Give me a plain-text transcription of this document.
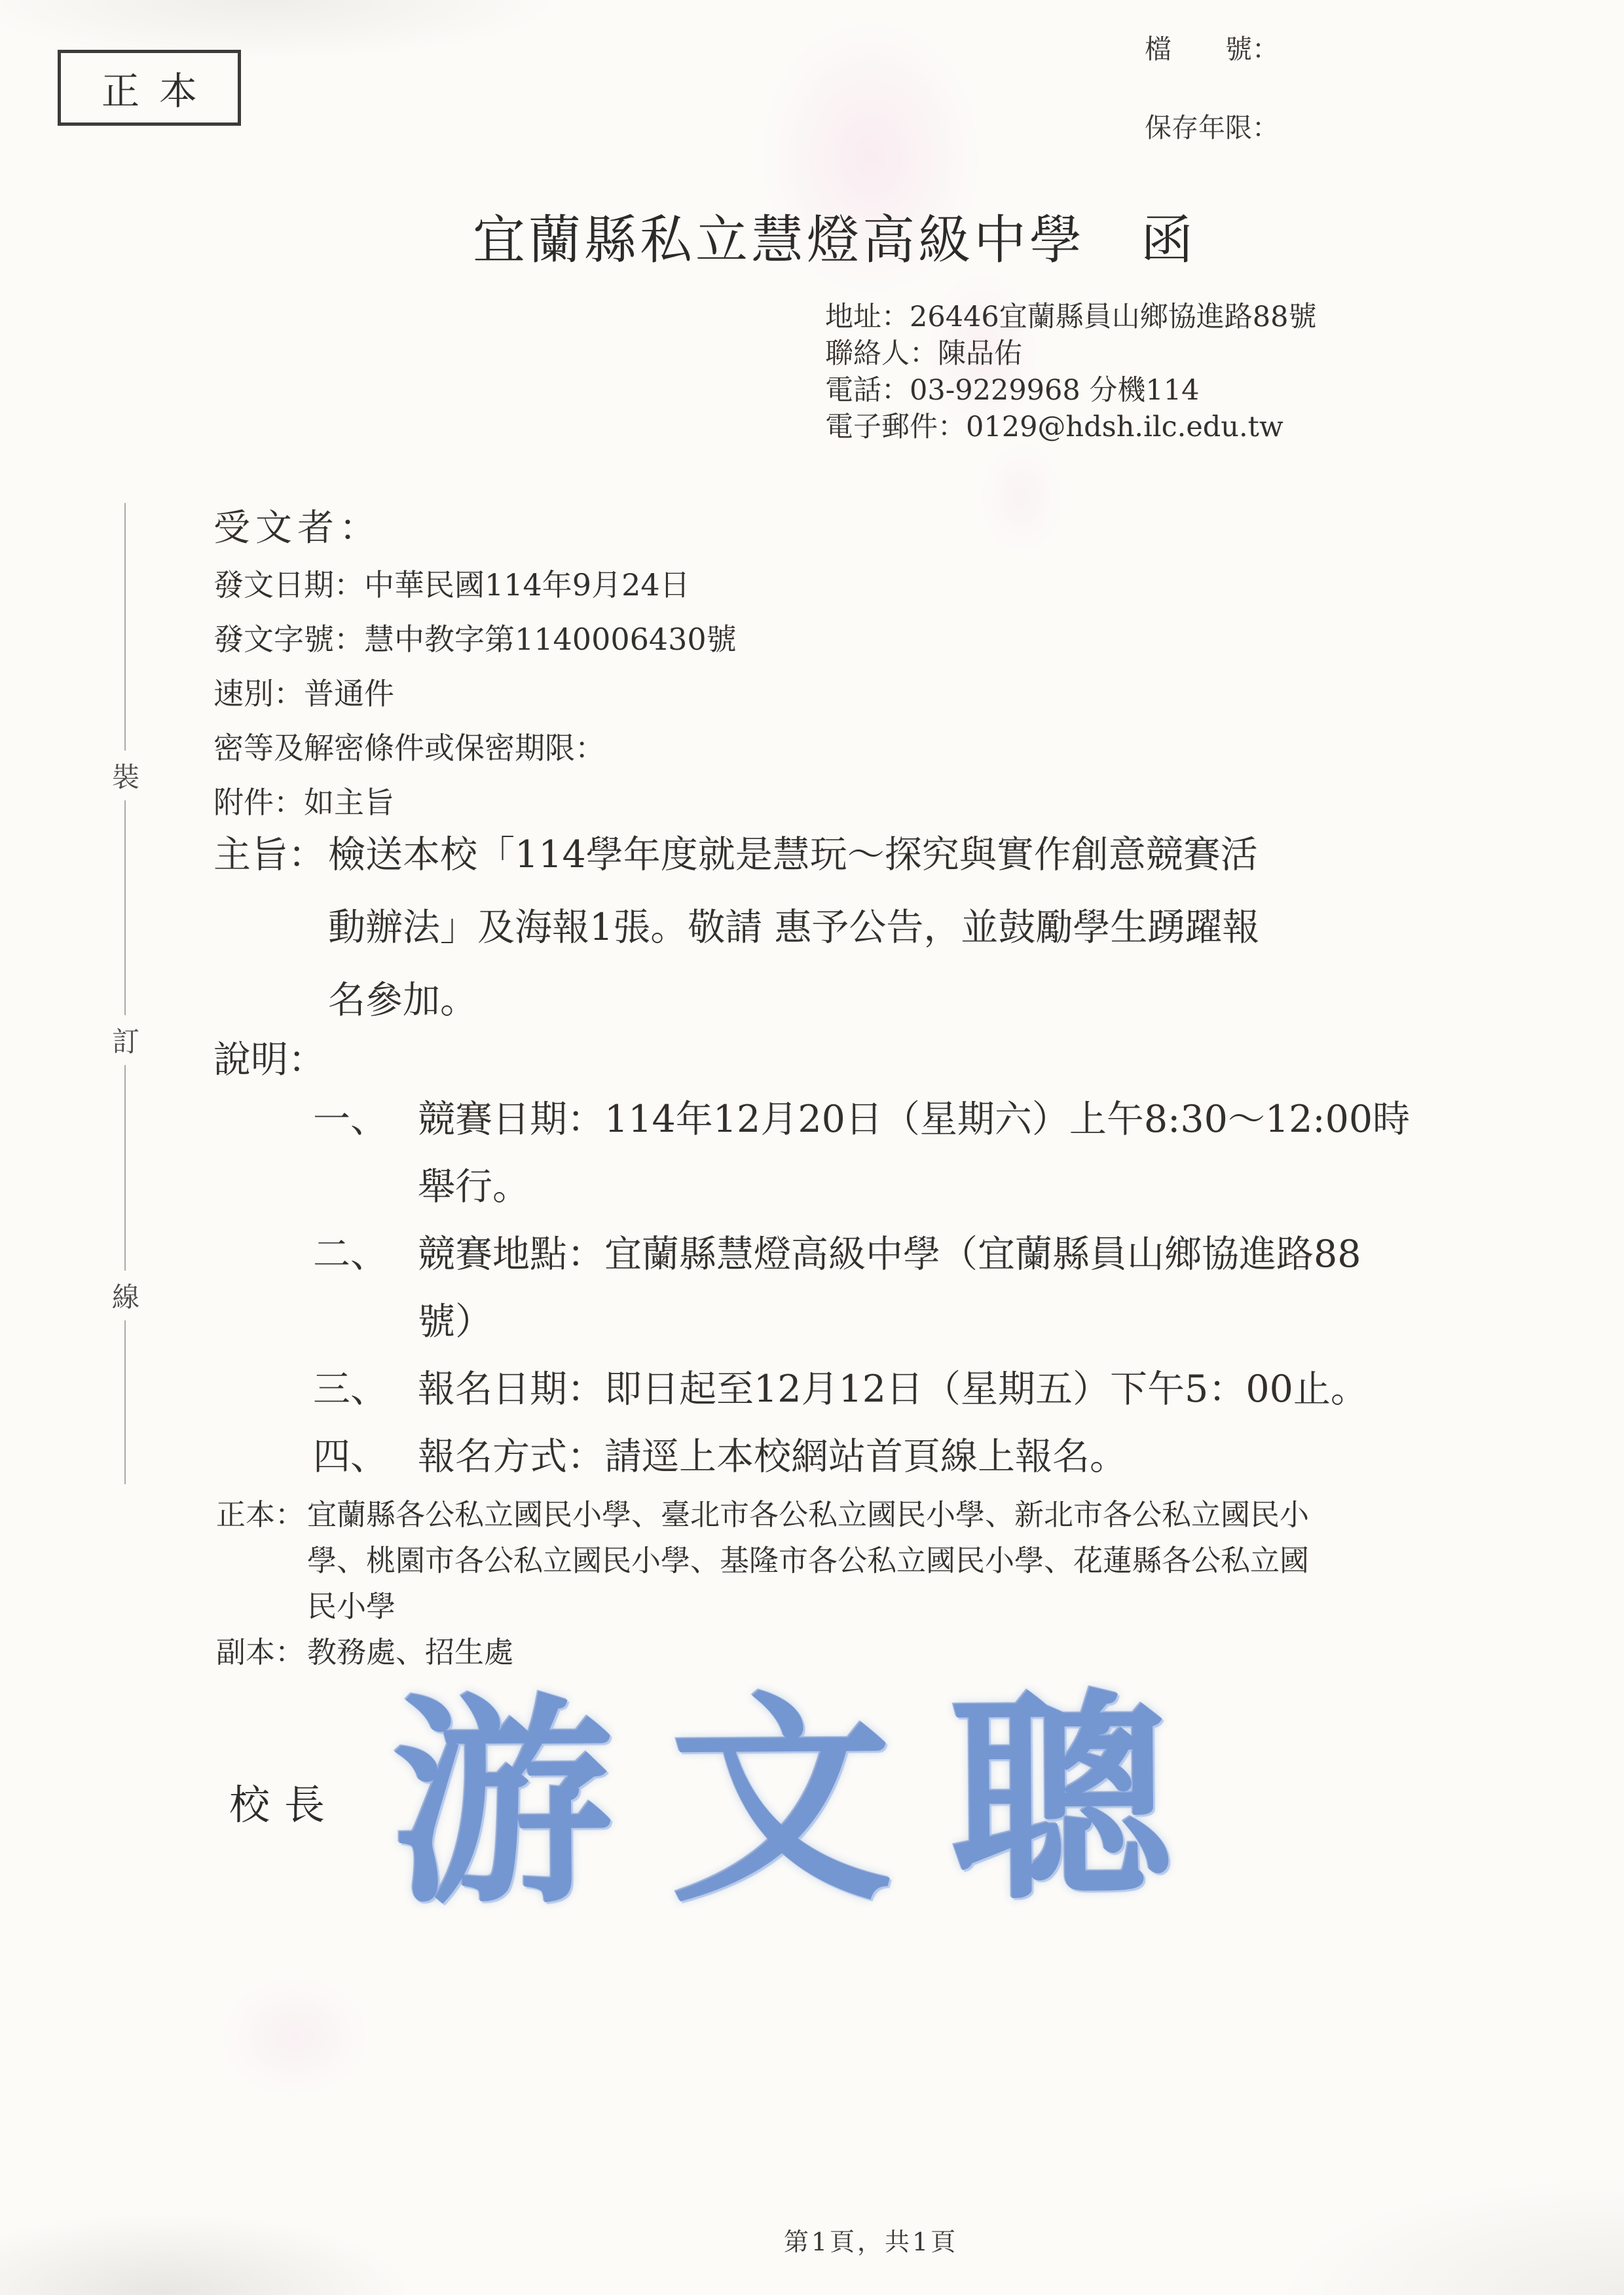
正本
檔　　號：
保存年限：
宜蘭縣私立慧燈高級中學　函
地址：26446宜蘭縣員山鄉協進路88號
聯絡人：陳品佑
電話：03-9229968 分機114
電子郵件：0129@hdsh.ilc.edu.tw
受文者：
發文日期：中華民國114年9月24日
發文字號：慧中教字第1140006430號
速別：普通件
密等及解密條件或保密期限：
附件：如主旨
主旨： 檢送本校「114學年度就是慧玩～探究與實作創意競賽活
動辦法」及海報1張。敬請 惠予公告，並鼓勵學生踴躍報
名參加。
說明：
一、 競賽日期：114年12月20日（星期六）上午8:30～12:00時
舉行。
二、 競賽地點：宜蘭縣慧燈高級中學（宜蘭縣員山鄉協進路88
號）
三、 報名日期：即日起至12月12日（星期五）下午5：00止。
四、 報名方式：請逕上本校網站首頁線上報名。
正本： 宜蘭縣各公私立國民小學、臺北市各公私立國民小學、新北市各公私立國民小
學、桃園市各公私立國民小學、基隆市各公私立國民小學、花蓮縣各公私立國
民小學
副本： 教務處、招生處
校長 游文聰
裝
訂
線
第1頁，共1頁
